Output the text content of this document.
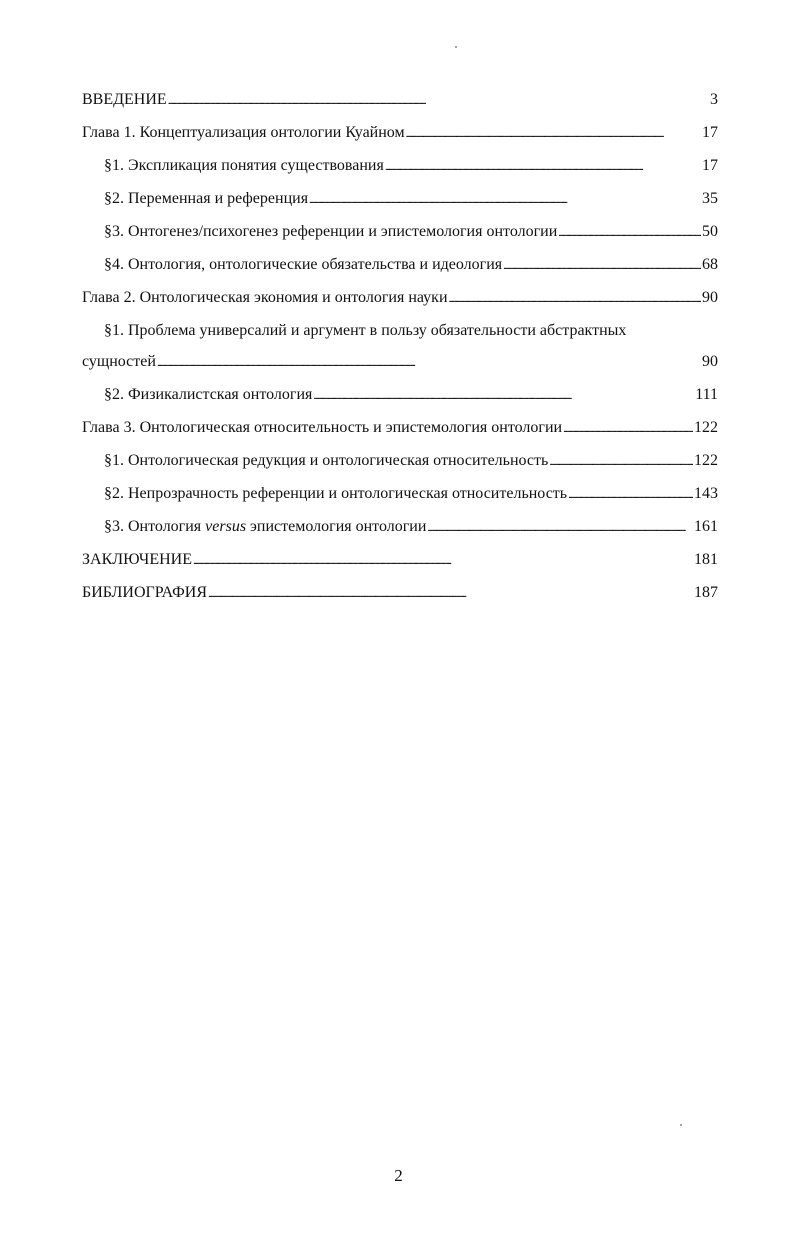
ВВЕДЕНИЕ . . .	3
Глава 1. Концептуализация онтологии Куайном . . .	17
§1. Экспликация понятия существования . . .	17
§2. Переменная и референция . . .	35
§3. Онтогенез/психогенез референции и эпистемология онтологии . . .	50
§4. Онтология, онтологические обязательства и идеология . . .	68
Глава 2. Онтологическая экономия и онтология науки . . .	90
§1. Проблема универсалий и аргумент в пользу обязательности абстрактных
сущностей . . .	90
§2. Физикалистская онтология . . .	111
Глава 3. Онтологическая относительность и эпистемология онтологии . . .	122
§1. Онтологическая редукция и онтологическая относительность . . .	122
§2. Непрозрачность референции и онтологическая относительность . . .	143
§3. Онтология versus эпистемология онтологии . . .	161
ЗАКЛЮЧЕНИЕ . . .	181
БИБЛИОГРАФИЯ . . .	187
2
